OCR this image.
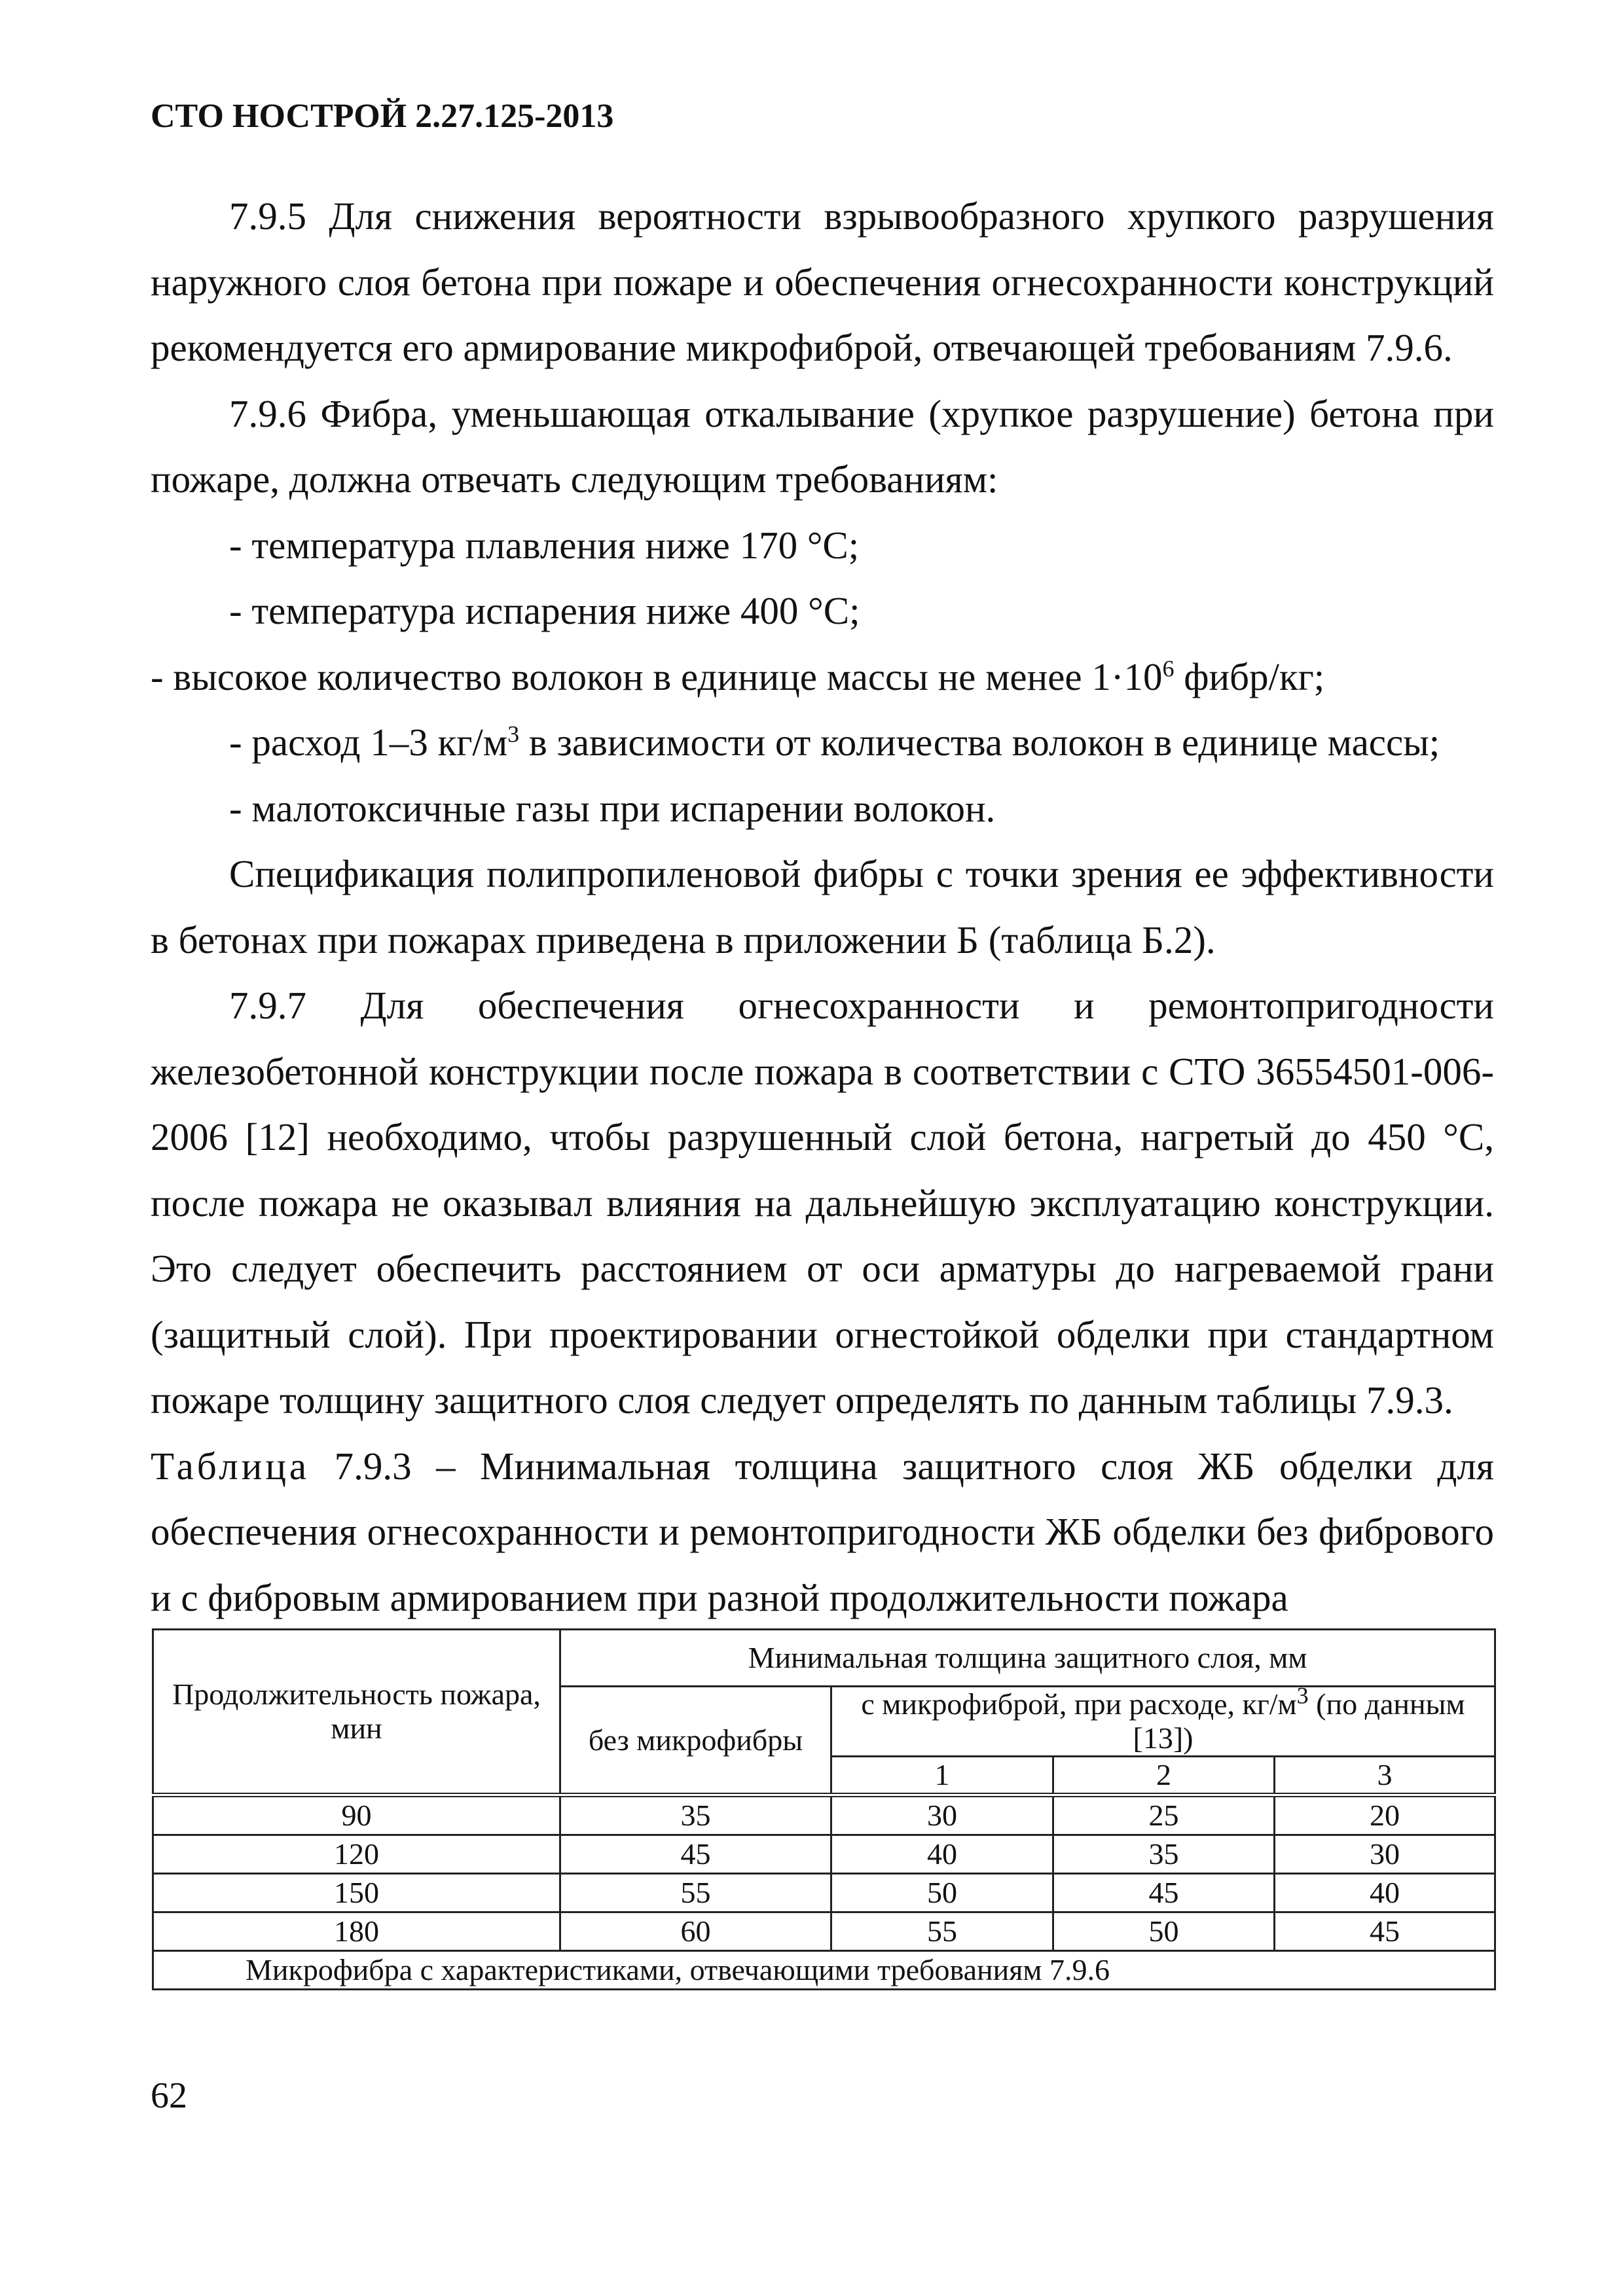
СТО НОСТРОЙ 2.27.125-2013

7.9.5 Для снижения вероятности взрывообразного хрупкого разрушения наружного слоя бетона при пожаре и обеспечения огнесохранности конструкций рекомендуется его армирование микрофиброй, отвечающей требованиям 7.9.6.

7.9.6 Фибра, уменьшающая откалывание (хрупкое разрушение) бетона при пожаре, должна отвечать следующим требованиям:

- температура плавления ниже 170 °С;

- температура испарения ниже 400 °С;

- высокое количество волокон в единице массы не менее $1\cdot 10^6$ фибр/кг;

- расход 1–3 $кг/м^3$ в зависимости от количества волокон в единице массы;

- малотоксичные газы при испарении волокон.

Спецификация полипропиленовой фибры с точки зрения ее эффективности в бетонах при пожарах приведена в приложении Б (таблица Б.2).

7.9.7 Для обеспечения огнесохранности и ремонтопригодности железобетонной конструкции после пожара в соответствии с СТО 36554501-006-2006 [12] необходимо, чтобы разрушенный слой бетона, нагретый до 450 °С, после пожара не оказывал влияния на дальнейшую эксплуатацию конструкции. Это следует обеспечить расстоянием от оси арматуры до нагреваемой грани (защитный слой). При проектировании огнестойкой обделки при стандартном пожаре толщину защитного слоя следует определять по данным таблицы 7.9.3.

Таблица 7.9.3 – Минимальная толщина защитного слоя ЖБ обделки для обеспечения огнесохранности и ремонтопригодности ЖБ обделки без фибрового и с фибровым армированием при разной продолжительности пожара

Продолжительность пожара, мин	Минимальная толщина защитного слоя, мм			
	без микрофибры	с микрофиброй, при расходе, $кг/м^3$ (по данным [13])		
		1	2	3
90	35	30	25	20
120	45	40	35	30
150	55	50	45	40
180	60	55	50	45
Микрофибра с характеристиками, отвечающими требованиям 7.9.6				
62
